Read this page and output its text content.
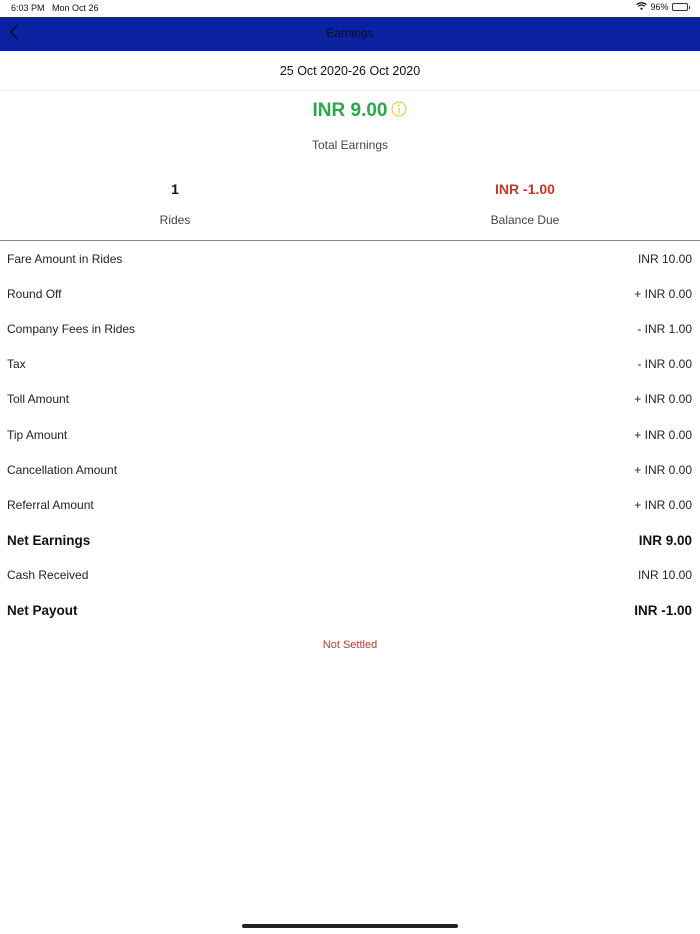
6:03 PM Mon Oct 26	96%
Earnings
25 Oct 2020-26 Oct 2020
INR 9.00
Total Earnings
1
Rides
INR -1.00
Balance Due
Fare Amount in Rides	INR 10.00
Round Off	+ INR 0.00
Company Fees in Rides	- INR 1.00
Tax	- INR 0.00
Toll Amount	+ INR 0.00
Tip Amount	+ INR 0.00
Cancellation Amount	+ INR 0.00
Referral Amount	+ INR 0.00
Net Earnings	INR 9.00
Cash Received	INR 10.00
Net Payout	INR -1.00
Not Settled
